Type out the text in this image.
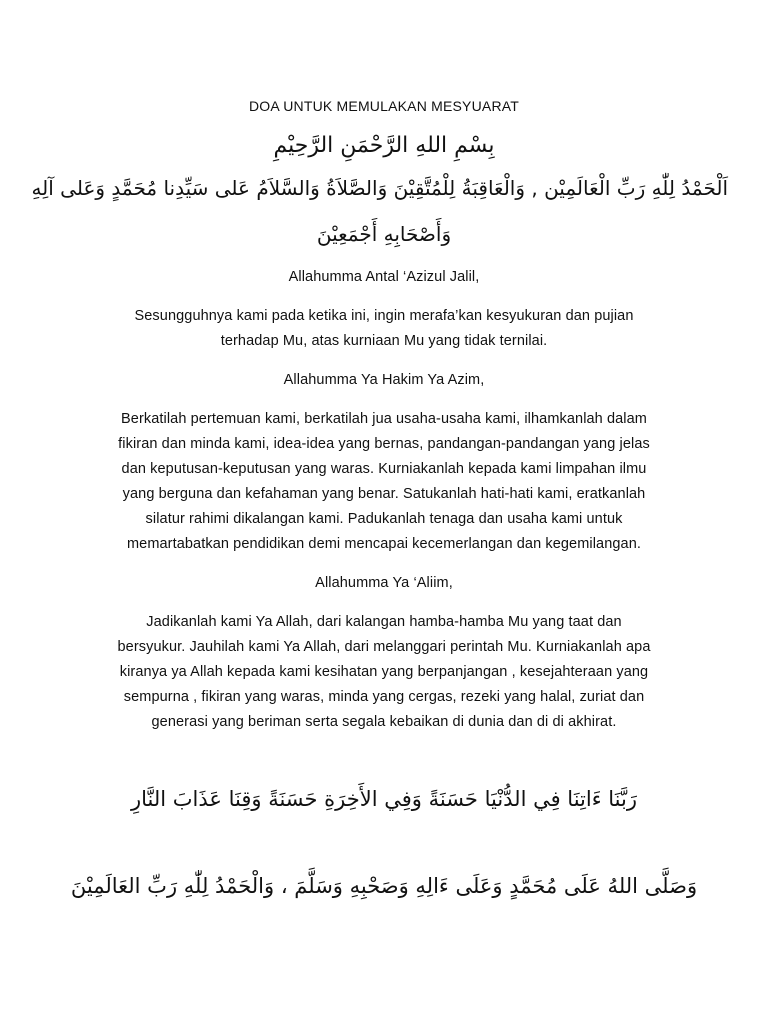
DOA UNTUK MEMULAKAN MESYUARAT
بِسْمِ اللهِ الرَّحْمَنِ الرَّحِيْمِ
اَلْحَمْدُ لِلّٰهِ رَبِّ الْعَالَمِيْن , وَالْعَاقِبَةُ لِلْمُتَّقِيْنَ وَالصَّلاَةُ وَالسَّلاَمُ عَلى سَيِّدِنا مُحَمَّدٍ وَعَلى آلِهِ
وَأَصْحَابِهِ أَجْمَعِيْنَ
Allahumma Antal ‘Azizul Jalil,
Sesungguhnya kami pada ketika ini, ingin merafa’kan kesyukuran dan pujian
terhadap Mu, atas kurniaan Mu yang tidak ternilai.
Allahumma Ya Hakim Ya Azim,
Berkatilah pertemuan kami, berkatilah jua usaha-usaha kami, ilhamkanlah dalam
fikiran dan minda kami, idea-idea yang bernas, pandangan-pandangan yang jelas
dan keputusan-keputusan yang waras. Kurniakanlah kepada kami limpahan ilmu
yang berguna dan kefahaman yang benar. Satukanlah hati-hati kami, eratkanlah
silatur rahimi dikalangan kami. Padukanlah tenaga dan usaha kami untuk
memartabatkan pendidikan demi mencapai kecemerlangan dan kegemilangan.
Allahumma Ya ‘Aliim,
Jadikanlah kami Ya Allah, dari kalangan hamba-hamba Mu yang taat dan
bersyukur. Jauhilah kami Ya Allah, dari melanggari perintah Mu. Kurniakanlah apa
kiranya ya Allah kepada kami kesihatan yang berpanjangan , kesejahteraan yang
sempurna , fikiran yang waras, minda yang cergas, rezeki yang halal, zuriat dan
generasi yang beriman serta segala kebaikan di dunia dan di di akhirat.
رَبَّنَا ءَاتِنَا فِي الدُّنْيَا حَسَنَةً وَفِي الأَخِرَةِ حَسَنَةً وَقِنَا عَذَابَ النَّارِ
وَصَلَّى اللهُ عَلَى مُحَمَّدٍ وَعَلَى ءَالِهِ وَصَحْبِهِ وَسَلَّمَ ، وَالْحَمْدُ لِلّٰهِ رَبِّ العَالَمِيْنَ
